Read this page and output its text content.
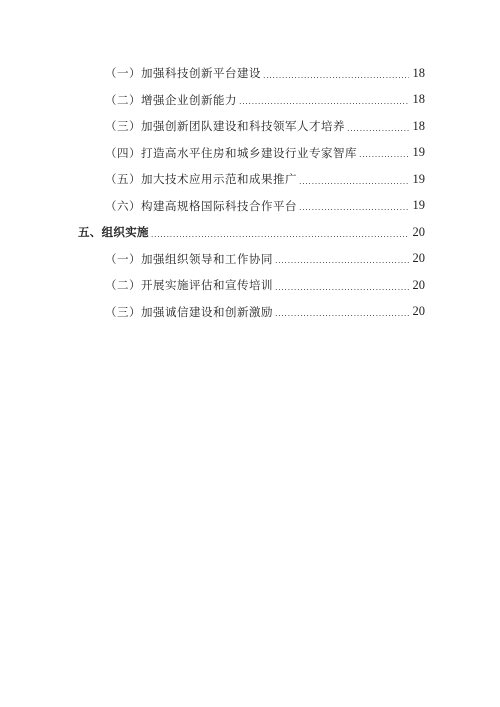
（一）加强科技创新平台建设 .....	18
（二）增强企业创新能力 .....	18
（三）加强创新团队建设和科技领军人才培养 .....	18
（四）打造高水平住房和城乡建设行业专家智库 .....	19
（五）加大技术应用示范和成果推广 .....	19
（六）构建高规格国际科技合作平台 .....	19
五、组织实施 .....	20
（一）加强组织领导和工作协同 .....	20
（二）开展实施评估和宣传培训 .....	20
（三）加强诚信建设和创新激励 .....	20
